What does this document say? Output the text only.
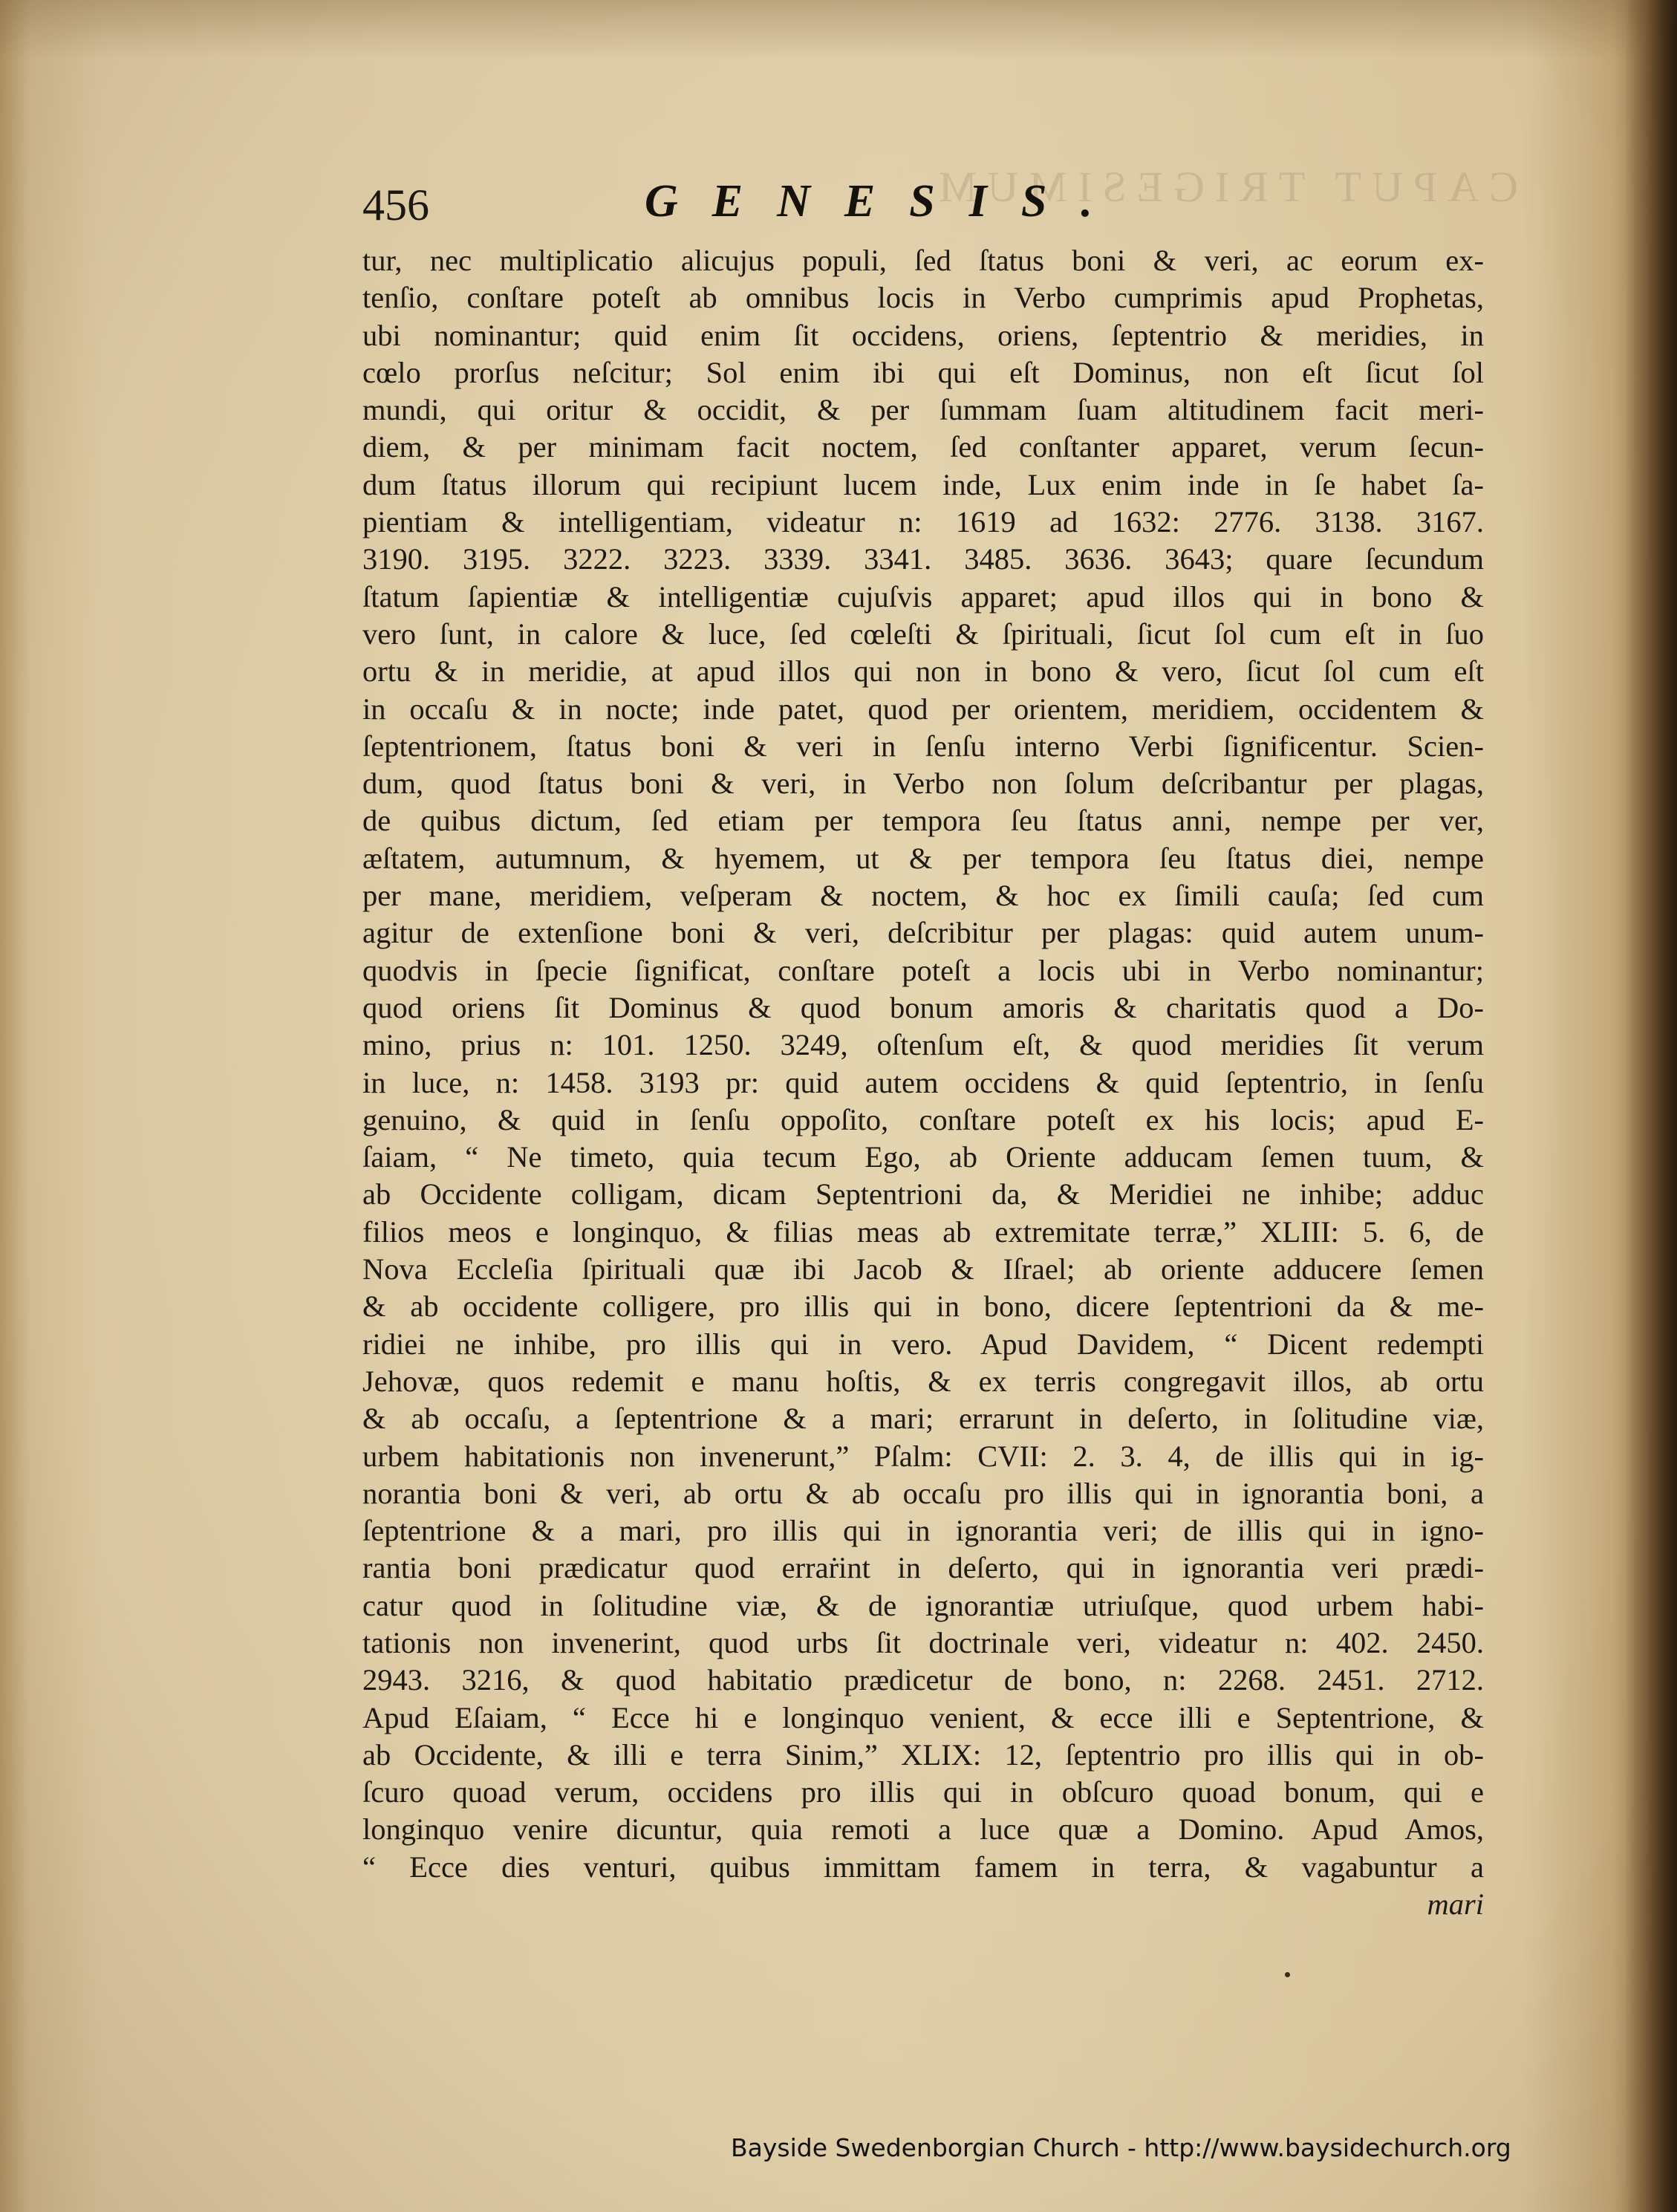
CAPUT TRIGESIMUM
456	GENESIS.
tur, nec multiplicatio alicujus populi, ſed ſtatus boni & veri, ac eorum ex-
tenſio, conſtare poteſt ab omnibus locis in Verbo cumprimis apud Prophetas,
ubi nominantur; quid enim ſit occidens, oriens, ſeptentrio & meridies, in
cœlo prorſus neſcitur; Sol enim ibi qui eſt Dominus, non eſt ſicut ſol
mundi, qui oritur & occidit, & per ſummam ſuam altitudinem facit meri-
diem, & per minimam facit noctem, ſed conſtanter apparet, verum ſecun-
dum ſtatus illorum qui recipiunt lucem inde, Lux enim inde in ſe habet ſa-
pientiam & intelligentiam, videatur n: 1619 ad 1632: 2776. 3138. 3167.
3190. 3195. 3222. 3223. 3339. 3341. 3485. 3636. 3643; quare ſecundum
ſtatum ſapientiæ & intelligentiæ cujuſvis apparet; apud illos qui in bono &
vero ſunt, in calore & luce, ſed cœleſti & ſpirituali, ſicut ſol cum eſt in ſuo
ortu & in meridie, at apud illos qui non in bono & vero, ſicut ſol cum eſt
in occaſu & in nocte; inde patet, quod per orientem, meridiem, occidentem &
ſeptentrionem, ſtatus boni & veri in ſenſu interno Verbi ſignificentur. Scien-
dum, quod ſtatus boni & veri, in Verbo non ſolum deſcribantur per plagas,
de quibus dictum, ſed etiam per tempora ſeu ſtatus anni, nempe per ver,
æſtatem, autumnum, & hyemem, ut & per tempora ſeu ſtatus diei, nempe
per mane, meridiem, veſperam & noctem, & hoc ex ſimili cauſa; ſed cum
agitur de extenſione boni & veri, deſcribitur per plagas: quid autem unum-
quodvis in ſpecie ſignificat, conſtare poteſt a locis ubi in Verbo nominantur;
quod oriens ſit Dominus & quod bonum amoris & charitatis quod a Do-
mino, prius n: 101. 1250. 3249, oſtenſum eſt, & quod meridies ſit verum
in luce, n: 1458. 3193 pr: quid autem occidens & quid ſeptentrio, in ſenſu
genuino, & quid in ſenſu oppoſito, conſtare poteſt ex his locis; apud E-
ſaiam, “ Ne timeto, quia tecum Ego, ab Oriente adducam ſemen tuum, &
ab Occidente colligam, dicam Septentrioni da, & Meridiei ne inhibe; adduc
filios meos e longinquo, & filias meas ab extremitate terræ,” XLIII: 5. 6, de
Nova Eccleſia ſpirituali quæ ibi Jacob & Iſrael; ab oriente adducere ſemen
& ab occidente colligere, pro illis qui in bono, dicere ſeptentrioni da & me-
ridiei ne inhibe, pro illis qui in vero. Apud Davidem, “ Dicent redempti
Jehovæ, quos redemit e manu hoſtis, & ex terris congregavit illos, ab ortu
& ab occaſu, a ſeptentrione & a mari; errarunt in deſerto, in ſolitudine viæ,
urbem habitationis non invenerunt,” Pſalm: CVII: 2. 3. 4, de illis qui in ig-
norantia boni & veri, ab ortu & ab occaſu pro illis qui in ignorantia boni, a
ſeptentrione & a mari, pro illis qui in ignorantia veri; de illis qui in igno-
rantia boni prædicatur quod erraṙint in deſerto, qui in ignorantia veri prædi-
catur quod in ſolitudine viæ, & de ignorantiæ utriuſque, quod urbem habi-
tationis non invenerint, quod urbs ſit doctrinale veri, videatur n: 402. 2450.
2943. 3216, & quod habitatio prædicetur de bono, n: 2268. 2451. 2712.
Apud Eſaiam, “ Ecce hi e longinquo venient, & ecce illi e Septentrione, &
ab Occidente, & illi e terra Sinim,” XLIX: 12, ſeptentrio pro illis qui in ob-
ſcuro quoad verum, occidens pro illis qui in obſcuro quoad bonum, qui e
longinquo venire dicuntur, quia remoti a luce quæ a Domino. Apud Amos,
“ Ecce dies venturi, quibus immittam famem in terra, & vagabuntur a
mari
Bayside Swedenborgian Church - http://www.baysidechurch.org
